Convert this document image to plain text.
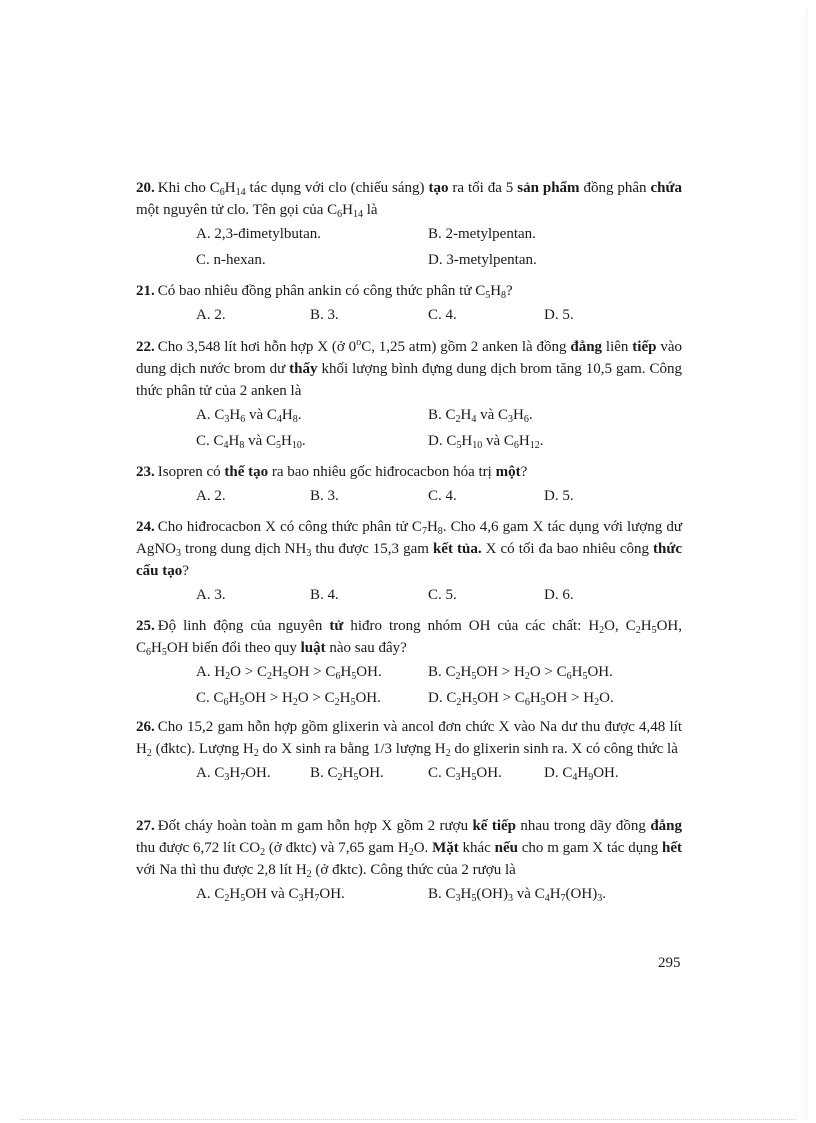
20. Khi cho $C_6H_{14}$ tác dụng với clo (chiếu sáng) tạo ra tối đa 5 sản phẩm đồng phân chứa một nguyên tử clo. Tên gọi của $C_6H_{14}$ là
A. 2,3-đimetylbutan.	B. 2-metylpentan.
C. n-hexan.	D. 3-metylpentan.
21. Có bao nhiêu đồng phân ankin có công thức phân tử $C_5H_8$?
A. 2.	B. 3.	C. 4.	D. 5.
22. Cho 3,548 lít hơi hỗn hợp X (ở 0$^o$C, 1,25 atm) gồm 2 anken là đồng đẳng liên tiếp vào dung dịch nước brom dư thấy khối lượng bình đựng dung dịch brom tăng 10,5 gam. Công thức phân tử của 2 anken là
A. $C_3H_6$ và $C_4H_8$.	B. $C_2H_4$ và $C_3H_6$.
C. $C_4H_8$ và $C_5H_{10}$.	D. $C_5H_{10}$ và $C_6H_{12}$.
23. Isopren có thể tạo ra bao nhiêu gốc hiđrocacbon hóa trị một?
A. 2.	B. 3.	C. 4.	D. 5.
24. Cho hiđrocacbon X có công thức phân tử $C_7H_8$. Cho 4,6 gam X tác dụng với lượng dư AgNO$_3$ trong dung dịch $NH_3$ thu được 15,3 gam kết tủa. X có tối đa bao nhiêu công thức cấu tạo?
A. 3.	B. 4.	C. 5.	D. 6.
25. Độ linh động của nguyên tử hiđro trong nhóm OH của các chất: $H_2O$, $C_2H_5OH$, $C_6H_5OH$ biến đổi theo quy luật nào sau đây?
A. $H_2O > C_2H_5OH > C_6H_5OH$.	B. $C_2H_5OH > H_2O > C_6H_5OH$.
C. $C_6H_5OH > H_2O > C_2H_5OH$.	D. $C_2H_5OH > C_6H_5OH > H_2O$.
26. Cho 15,2 gam hỗn hợp gồm glixerin và ancol đơn chức X vào Na dư thu được 4,48 lít $H_2$ (đktc). Lượng $H_2$ do X sinh ra bằng 1/3 lượng $H_2$ do glixerin sinh ra. X có công thức là
A. $C_3H_7OH$.	B. $C_2H_5OH$.	C. $C_3H_5OH$.	D. $C_4H_9OH$.
27. Đốt cháy hoàn toàn m gam hỗn hợp X gồm 2 rượu kế tiếp nhau trong dãy đồng đẳng thu được 6,72 lít $CO_2$ (ở đktc) và 7,65 gam $H_2O$. Mặt khác nếu cho m gam X tác dụng hết với Na thì thu được 2,8 lít $H_2$ (ở đktc). Công thức của 2 rượu là
A. $C_2H_5OH$ và $C_3H_7OH$.	B. $C_3H_5(OH)_3$ và $C_4H_7(OH)_3$.
295
